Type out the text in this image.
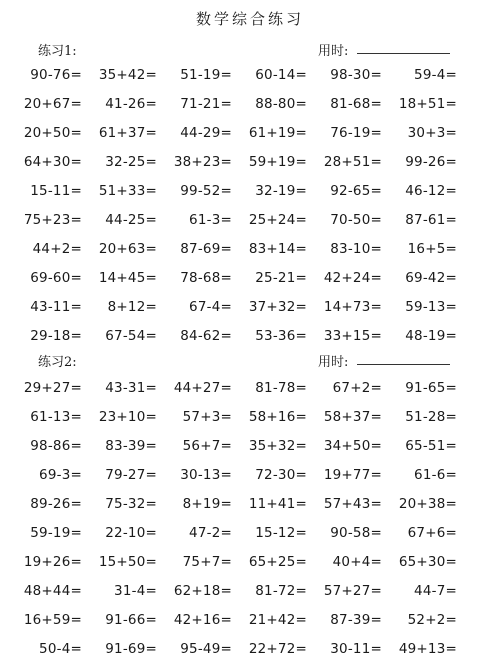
数学综合练习
练习1:	用时:
90-76=	35+42=	51-19=	60-14=	98-30=	59-4=
20+67=	41-26=	71-21=	88-80=	81-68=	18+51=
20+50=	61+37=	44-29=	61+19=	76-19=	30+3=
64+30=	32-25=	38+23=	59+19=	28+51=	99-26=
15-11=	51+33=	99-52=	32-19=	92-65=	46-12=
75+23=	44-25=	61-3=	25+24=	70-50=	87-61=
44+2=	20+63=	87-69=	83+14=	83-10=	16+5=
69-60=	14+45=	78-68=	25-21=	42+24=	69-42=
43-11=	8+12=	67-4=	37+32=	14+73=	59-13=
29-18=	67-54=	84-62=	53-36=	33+15=	48-19=
练习2:	用时:
29+27=	43-31=	44+27=	81-78=	67+2=	91-65=
61-13=	23+10=	57+3=	58+16=	58+37=	51-28=
98-86=	83-39=	56+7=	35+32=	34+50=	65-51=
69-3=	79-27=	30-13=	72-30=	19+77=	61-6=
89-26=	75-32=	8+19=	11+41=	57+43=	20+38=
59-19=	22-10=	47-2=	15-12=	90-58=	67+6=
19+26=	15+50=	75+7=	65+25=	40+4=	65+30=
48+44=	31-4=	62+18=	81-72=	57+27=	44-7=
16+59=	91-66=	42+16=	21+42=	87-39=	52+2=
50-4=	91-69=	95-49=	22+72=	30-11=	49+13=
